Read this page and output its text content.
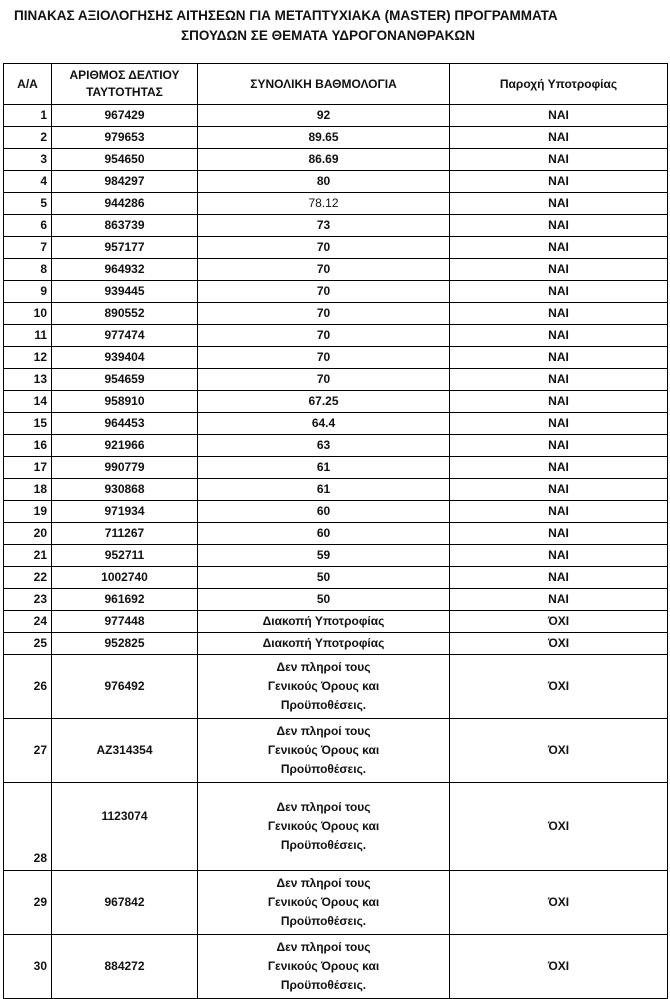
ΠΙΝΑΚΑΣ ΑΞΙΟΛΟΓΗΣΗΣ ΑΙΤΗΣΕΩΝ ΓΙΑ ΜΕΤΑΠΤΥΧΙΑΚΑ (MASTER) ΠΡΟΓΡΑΜΜΑΤΑ
ΣΠΟΥΔΩΝ ΣΕ ΘΕΜΑΤΑ ΥΔΡΟΓΟΝΑΝΘΡΑΚΩΝ
Α/Α	ΑΡΙΘΜΟΣ ΔΕΛΤΙΟΥ ΤΑΥΤΟΤΗΤΑΣ	ΣΥΝΟΛΙΚΗ ΒΑΘΜΟΛΟΓΙΑ	Παροχή Υποτροφίας
1	967429	92	ΝΑΙ
2	979653	89.65	ΝΑΙ
3	954650	86.69	ΝΑΙ
4	984297	80	ΝΑΙ
5	944286	78.12	ΝΑΙ
6	863739	73	ΝΑΙ
7	957177	70	ΝΑΙ
8	964932	70	ΝΑΙ
9	939445	70	ΝΑΙ
10	890552	70	ΝΑΙ
11	977474	70	ΝΑΙ
12	939404	70	ΝΑΙ
13	954659	70	ΝΑΙ
14	958910	67.25	ΝΑΙ
15	964453	64.4	ΝΑΙ
16	921966	63	ΝΑΙ
17	990779	61	ΝΑΙ
18	930868	61	ΝΑΙ
19	971934	60	ΝΑΙ
20	711267	60	ΝΑΙ
21	952711	59	ΝΑΙ
22	1002740	50	ΝΑΙ
23	961692	50	ΝΑΙ
24	977448	Διακοπή Υποτροφίας	ΌΧΙ
25	952825	Διακοπή Υποτροφίας	ΌΧΙ
26	976492	Δεν πληροί τους
Γενικούς Όρους και
Προϋποθέσεις.	ΌΧΙ
27	ΑΖ314354	Δεν πληροί τους
Γενικούς Όρους και
Προϋποθέσεις.	ΌΧΙ
28	1123074	Δεν πληροί τους
Γενικούς Όρους και
Προϋποθέσεις.	ΌΧΙ
29	967842	Δεν πληροί τους
Γενικούς Όρους και
Προϋποθέσεις.	ΌΧΙ
30	884272	Δεν πληροί τους
Γενικούς Όρους και
Προϋποθέσεις.	ΌΧΙ
